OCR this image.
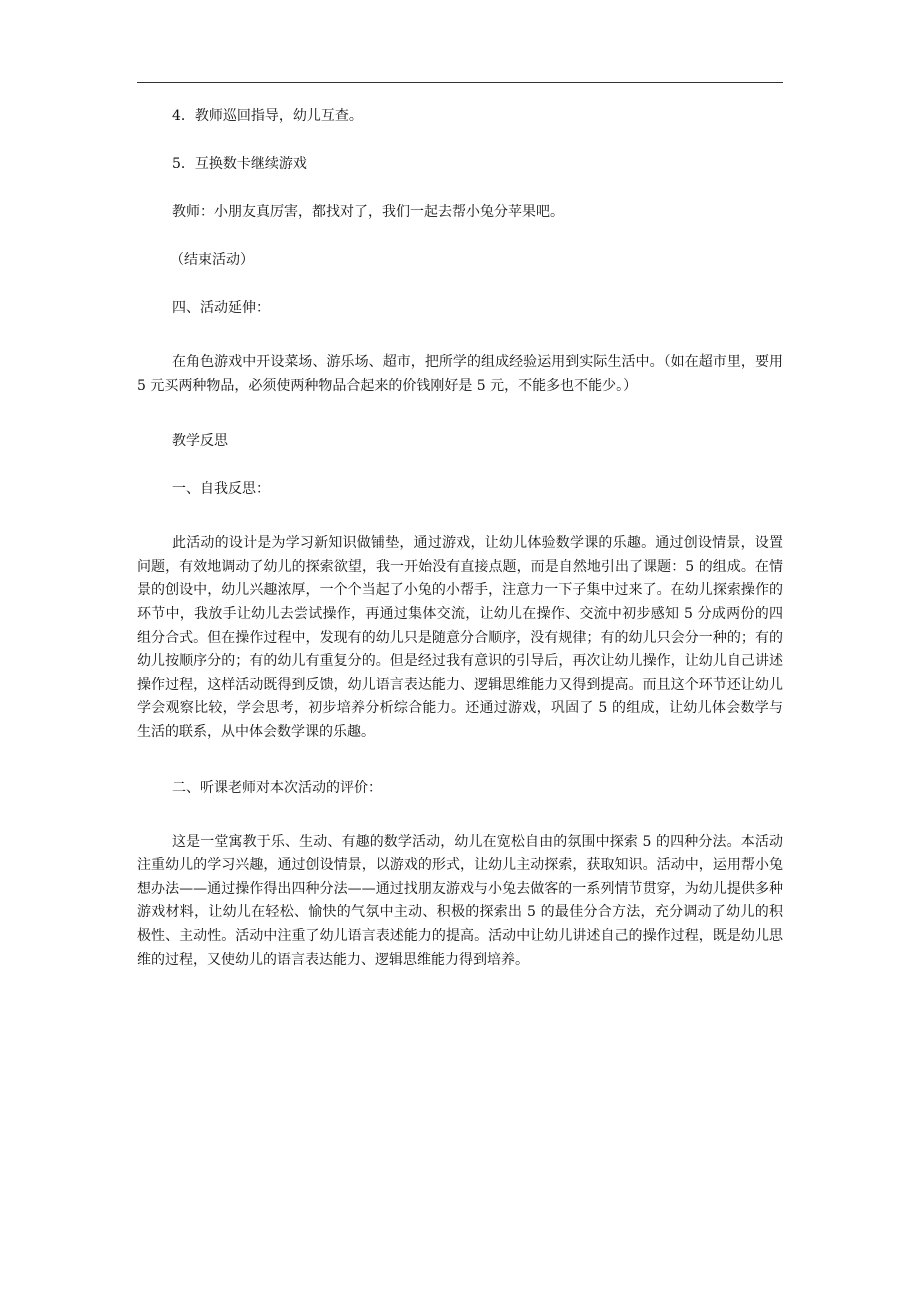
4．教师巡回指导，幼儿互查。

5．互换数卡继续游戏

教师：小朋友真厉害，都找对了，我们一起去帮小兔分苹果吧。

（结束活动）

四、活动延伸：

在角色游戏中开设菜场、游乐场、超市，把所学的组成经验运用到实际生活中。（如在超市里，要用 5 元买两种物品，必须使两种物品合起来的价钱刚好是 5 元，不能多也不能少。）

教学反思

一、自我反思：

此活动的设计是为学习新知识做铺垫，通过游戏，让幼儿体验数学课的乐趣。通过创设情景，设置问题，有效地调动了幼儿的探索欲望，我一开始没有直接点题，而是自然地引出了课题：5 的组成。在情景的创设中，幼儿兴趣浓厚，一个个当起了小兔的小帮手，注意力一下子集中过来了。在幼儿探索操作的环节中，我放手让幼儿去尝试操作，再通过集体交流，让幼儿在操作、交流中初步感知 5 分成两份的四组分合式。但在操作过程中，发现有的幼儿只是随意分合顺序，没有规律；有的幼儿只会分一种的；有的幼儿按顺序分的；有的幼儿有重复分的。但是经过我有意识的引导后，再次让幼儿操作，让幼儿自己讲述操作过程，这样活动既得到反馈，幼儿语言表达能力、逻辑思维能力又得到提高。而且这个环节还让幼儿学会观察比较，学会思考，初步培养分析综合能力。还通过游戏，巩固了 5 的组成，让幼儿体会数学与生活的联系，从中体会数学课的乐趣。

二、听课老师对本次活动的评价：

这是一堂寓教于乐、生动、有趣的数学活动，幼儿在宽松自由的氛围中探索 5 的四种分法。本活动注重幼儿的学习兴趣，通过创设情景，以游戏的形式，让幼儿主动探索，获取知识。活动中，运用帮小兔想办法——通过操作得出四种分法——通过找朋友游戏与小兔去做客的一系列情节贯穿，为幼儿提供多种游戏材料，让幼儿在轻松、愉快的气氛中主动、积极的探索出 5 的最佳分合方法，充分调动了幼儿的积极性、主动性。活动中注重了幼儿语言表述能力的提高。活动中让幼儿讲述自己的操作过程，既是幼儿思维的过程，又使幼儿的语言表达能力、逻辑思维能力得到培养。
